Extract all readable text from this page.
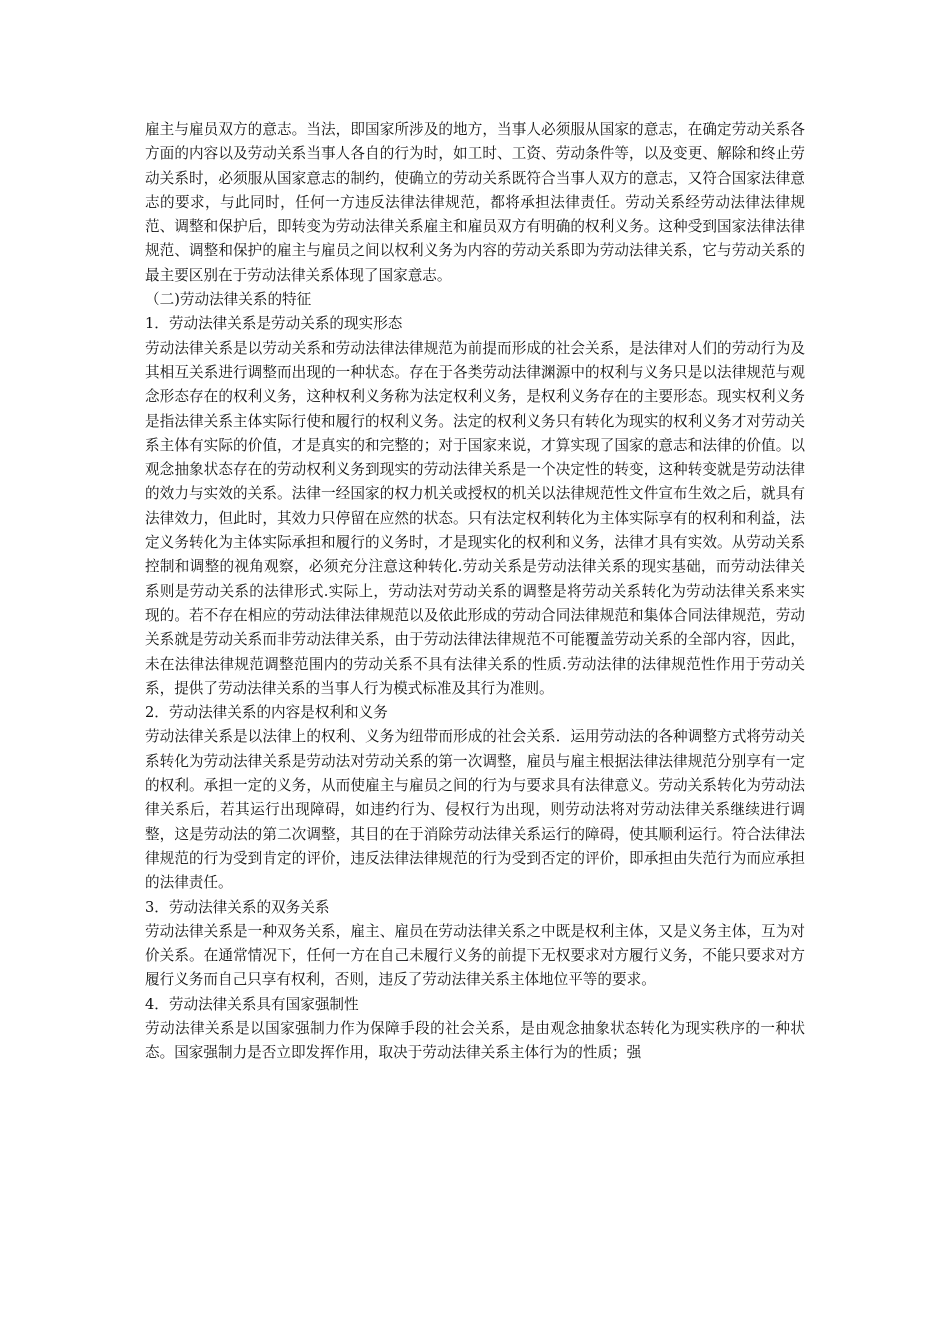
雇主与雇员双方的意志。当法，即国家所涉及的地方，当事人必须服从国家的意志，在确定劳动关系各方面的内容以及劳动关系当事人各自的行为时，如工时、工资、劳动条件等，以及变更、解除和终止劳动关系时，必须服从国家意志的制约，使确立的劳动关系既符合当事人双方的意志，又符合国家法律意志的要求，与此同时，任何一方违反法律法律规范，都将承担法律责任。劳动关系经劳动法律法律规范、调整和保护后，即转变为劳动法律关系雇主和雇员双方有明确的权利义务。这种受到国家法律法律规范、调整和保护的雇主与雇员之间以权利义务为内容的劳动关系即为劳动法律关系，它与劳动关系的最主要区别在于劳动法律关系体现了国家意志。

（二)劳动法律关系的特征

1．劳动法律关系是劳动关系的现实形态

劳动法律关系是以劳动关系和劳动法律法律规范为前提而形成的社会关系，是法律对人们的劳动行为及其相互关系进行调整而出现的一种状态。存在于各类劳动法律渊源中的权利与义务只是以法律规范与观念形态存在的权利义务，这种权利义务称为法定权利义务，是权利义务存在的主要形态。现实权利义务是指法律关系主体实际行使和履行的权利义务。法定的权利义务只有转化为现实的权利义务才对劳动关系主体有实际的价值，才是真实的和完整的；对于国家来说，才算实现了国家的意志和法律的价值。以观念抽象状态存在的劳动权利义务到现实的劳动法律关系是一个决定性的转变，这种转变就是劳动法律的效力与实效的关系。法律一经国家的权力机关或授权的机关以法律规范性文件宣布生效之后，就具有法律效力，但此时，其效力只停留在应然的状态。只有法定权利转化为主体实际享有的权利和利益，法定义务转化为主体实际承担和履行的义务时，才是现实化的权利和义务，法律才具有实效。从劳动关系控制和调整的视角观察，必须充分注意这种转化.劳动关系是劳动法律关系的现实基础，而劳动法律关系则是劳动关系的法律形式.实际上，劳动法对劳动关系的调整是将劳动关系转化为劳动法律关系来实现的。若不存在相应的劳动法律法律规范以及依此形成的劳动合同法律规范和集体合同法律规范，劳动关系就是劳动关系而非劳动法律关系，由于劳动法律法律规范不可能覆盖劳动关系的全部内容，因此，未在法律法律规范调整范围内的劳动关系不具有法律关系的性质.劳动法律的法律规范性作用于劳动关系，提供了劳动法律关系的当事人行为模式标准及其行为准则。

2．劳动法律关系的内容是权利和义务

劳动法律关系是以法律上的权利、义务为纽带而形成的社会关系．运用劳动法的各种调整方式将劳动关系转化为劳动法律关系是劳动法对劳动关系的第一次调整，雇员与雇主根据法律法律规范分别享有一定的权利。承担一定的义务，从而使雇主与雇员之间的行为与要求具有法律意义。劳动关系转化为劳动法律关系后，若其运行出现障碍，如违约行为、侵权行为出现，则劳动法将对劳动法律关系继续进行调整，这是劳动法的第二次调整，其目的在于消除劳动法律关系运行的障碍，使其顺利运行。符合法律法律规范的行为受到肯定的评价，违反法律法律规范的行为受到否定的评价，即承担由失范行为而应承担的法律责任。

3．劳动法律关系的双务关系

劳动法律关系是一种双务关系，雇主、雇员在劳动法律关系之中既是权利主体，又是义务主体，互为对价关系。在通常情况下，任何一方在自己未履行义务的前提下无权要求对方履行义务，不能只要求对方履行义务而自己只享有权利，否则，违反了劳动法律关系主体地位平等的要求。

4．劳动法律关系具有国家强制性

劳动法律关系是以国家强制力作为保障手段的社会关系，是由观念抽象状态转化为现实秩序的一种状态。国家强制力是否立即发挥作用，取决于劳动法律关系主体行为的性质；强
